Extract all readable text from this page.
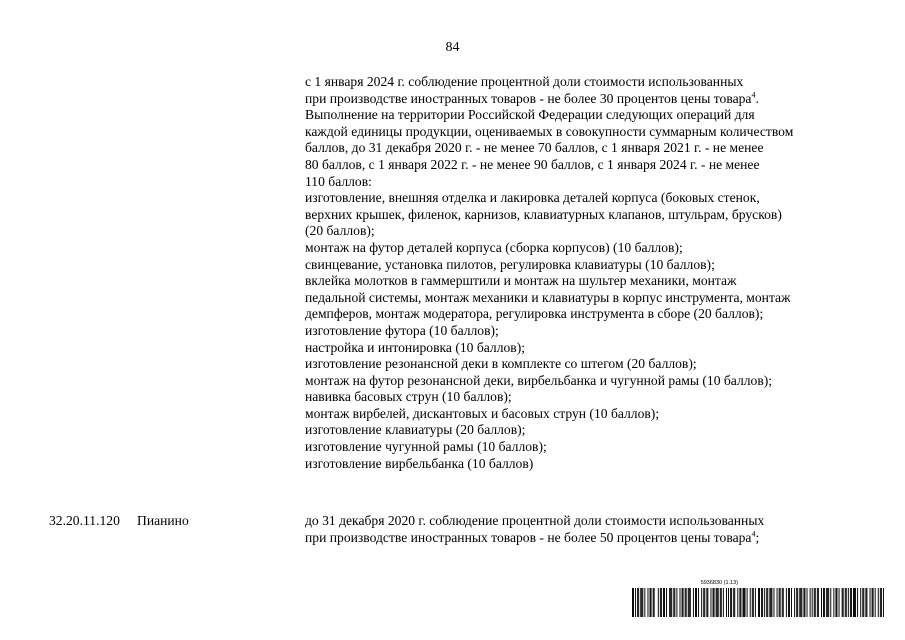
84
с 1 января 2024 г. соблюдение процентной доли стоимости использованных
при производстве иностранных товаров - не более 30 процентов цены товара$^4$.
Выполнение на территории Российской Федерации следующих операций для
каждой единицы продукции, оцениваемых в совокупности суммарным количеством
баллов, до 31 декабря 2020 г. - не менее 70 баллов, с 1 января 2021 г. - не менее
80 баллов, с 1 января 2022 г. - не менее 90 баллов, с 1 января 2024 г. - не менее
110 баллов:
изготовление, внешняя отделка и лакировка деталей корпуса (боковых стенок,
верхних крышек, филенок, карнизов, клавиатурных клапанов, штульрам, брусков)
(20 баллов);
монтаж на футор деталей корпуса (сборка корпусов) (10 баллов);
свинцевание, установка пилотов, регулировка клавиатуры (10 баллов);
вклейка молотков в гаммерштили и монтаж на шультер механики, монтаж
педальной системы, монтаж механики и клавиатуры в корпус инструмента, монтаж
демпферов, монтаж модератора, регулировка инструмента в сборе (20 баллов);
изготовление футора (10 баллов);
настройка и интонировка (10 баллов);
изготовление резонансной деки в комплекте со штегом (20 баллов);
монтаж на футор резонансной деки, вирбельбанка и чугунной рамы (10 баллов);
навивка басовых струн (10 баллов);
монтаж вирбелей, дискантовых и басовых струн (10 баллов);
изготовление клавиатуры (20 баллов);
изготовление чугунной рамы (10 баллов);
изготовление вирбельбанка (10 баллов)
32.20.11.120 Пианино	до 31 декабря 2020 г. соблюдение процентной доли стоимости использованных
при производстве иностранных товаров - не более 50 процентов цены товара$^4$;
5936830 (1.13)
